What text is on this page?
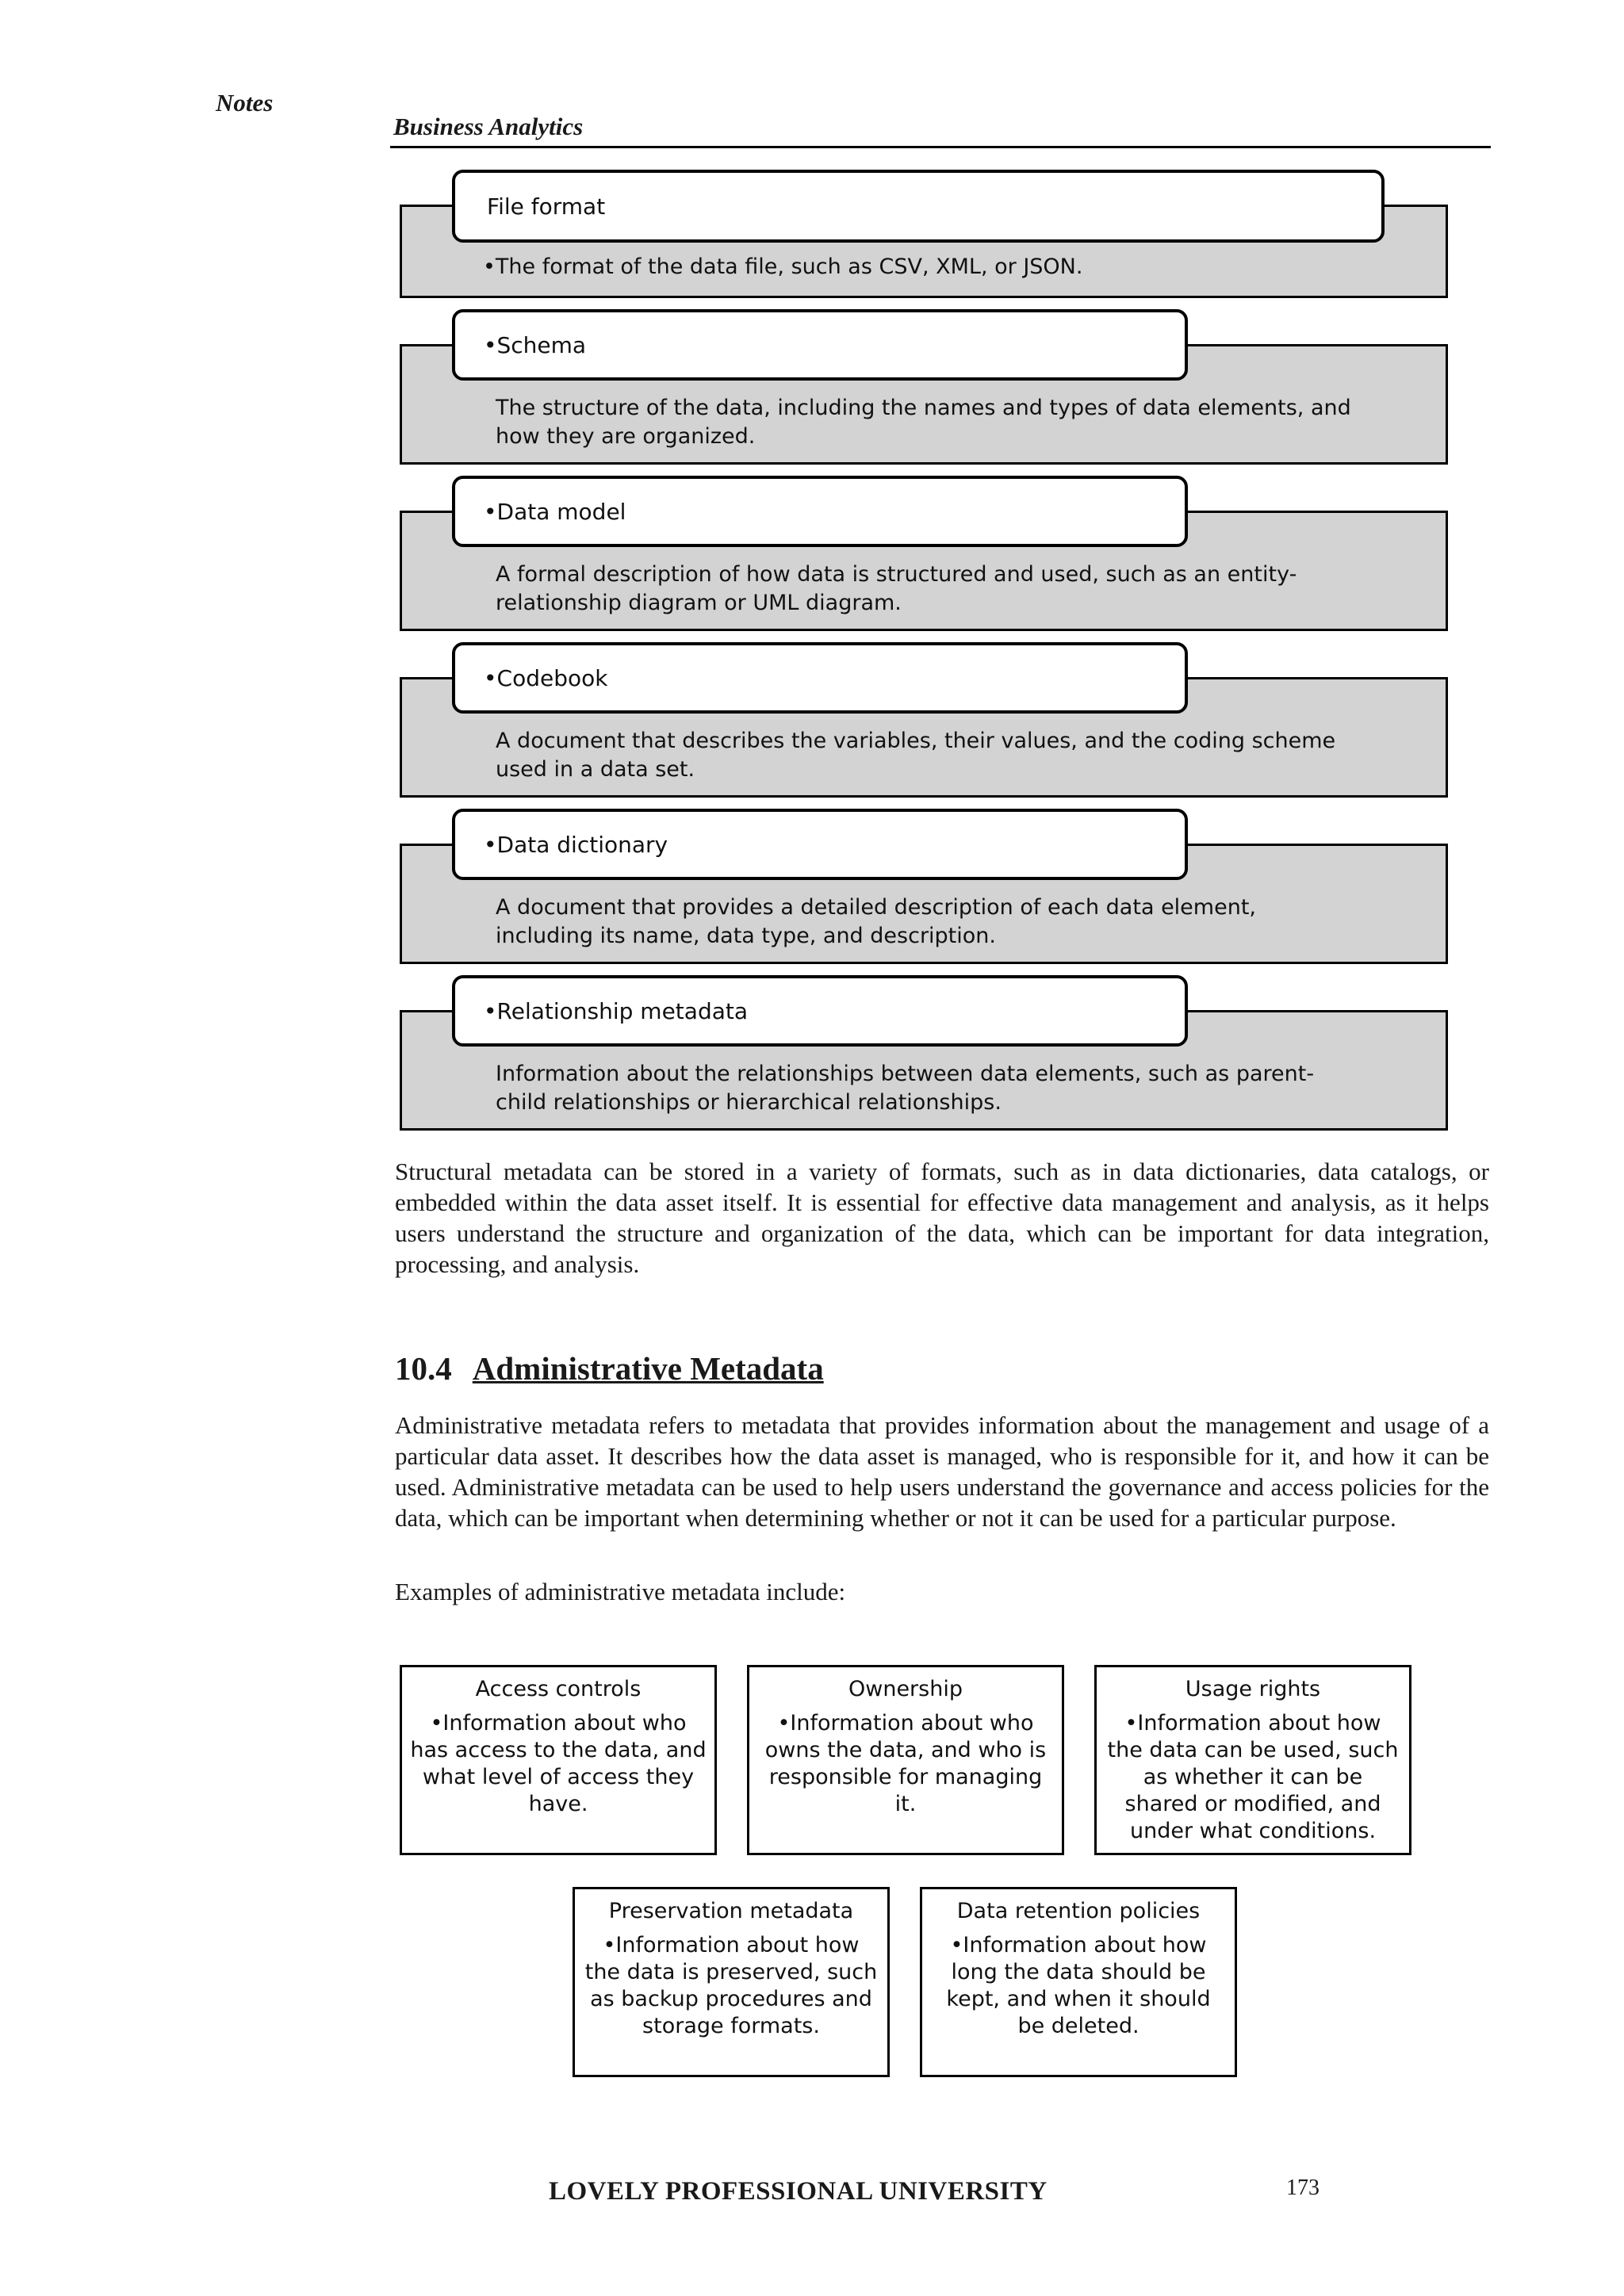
Notes
Business Analytics
•The format of the data file, such as CSV, XML, or JSON.
File format
The structure of the data, including the names and types of data elements, and how they are organized.
•Schema
A formal description of how data is structured and used, such as an entity-relationship diagram or UML diagram.
•Data model
A document that describes the variables, their values, and the coding scheme used in a data set.
•Codebook
A document that provides a detailed description of each data element, including its name, data type, and description.
•Data dictionary
Information about the relationships between data elements, such as parent-child relationships or hierarchical relationships.
•Relationship metadata

Structural metadata can be stored in a variety of formats, such as in data dictionaries, data catalogs, or embedded within the data asset itself. It is essential for effective data management and analysis, as it helps users understand the structure and organization of the data, which can be important for data integration, processing, and analysis.

10.4 Administrative Metadata

Administrative metadata refers to metadata that provides information about the management and usage of a particular data asset. It describes how the data asset is managed, who is responsible for it, and how it can be used. Administrative metadata can be used to help users understand the governance and access policies for the data, which can be important when determining whether or not it can be used for a particular purpose.

Examples of administrative metadata include:
Access controls
•Information about who has access to the data, and what level of access they have.
Ownership
•Information about who owns the data, and who is responsible for managing it.
Usage rights
•Information about how the data can be used, such as whether it can be shared or modified, and under what conditions.
Preservation metadata
•Information about how the data is preserved, such as backup procedures and storage formats.
Data retention policies
•Information about how long the data should be kept, and when it should be deleted.
LOVELY PROFESSIONAL UNIVERSITY	173
